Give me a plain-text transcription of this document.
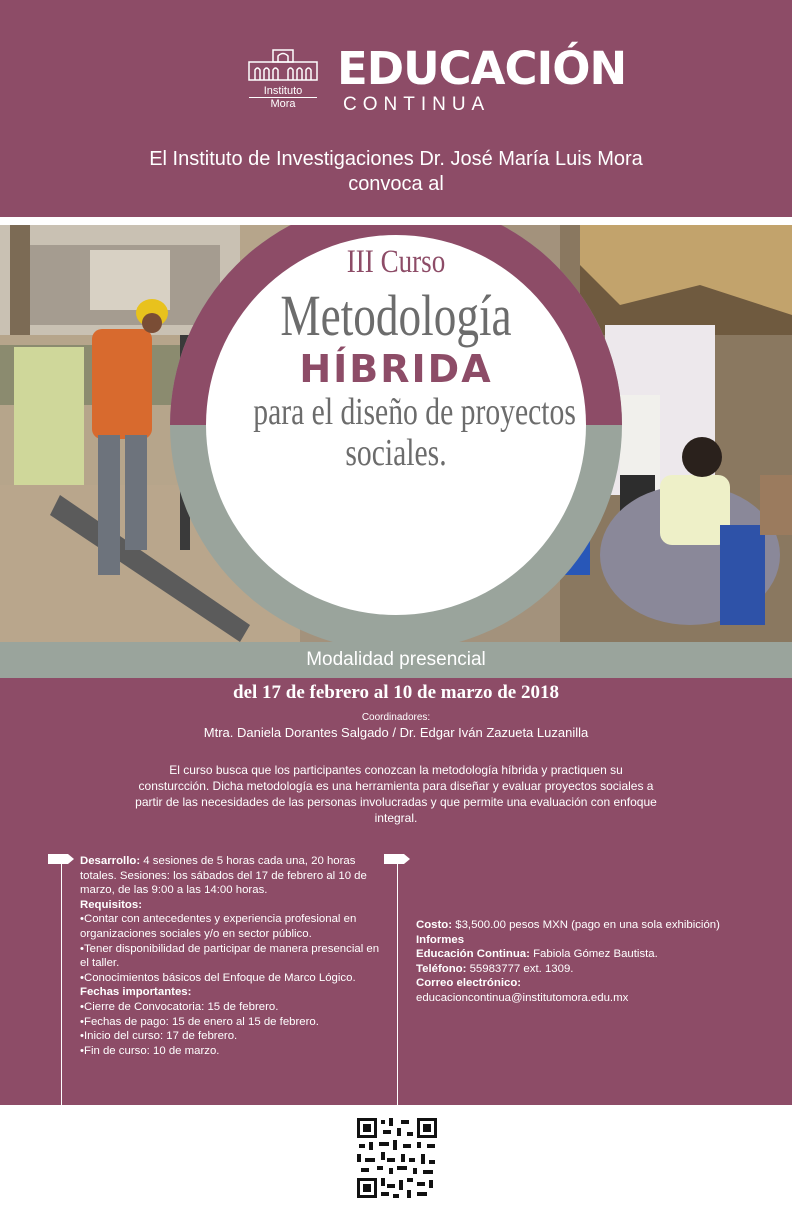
Instituto

Mora
EDUCACIÓN
CONTINUA
El Instituto de Investigaciones Dr. José María Luis Mora
convoca al
III Curso
Metodología
HÍBRIDA
para el diseño de proyectos
sociales.
Modalidad presencial
del 17 de febrero al 10 de marzo de 2018
Coordinadores:
Mtra. Daniela Dorantes Salgado / Dr. Edgar Iván Zazueta Luzanilla
El curso busca que los participantes conozcan la metodología híbrida y practiquen su consturcción. Dicha metodología es una herramienta para diseñar y evaluar proyectos sociales a partir de las necesidades de las personas involucradas y que permite una evaluación con enfoque integral.
Desarrollo: 4 sesiones de 5 horas cada una, 20 horas totales. Sesiones: los sábados del 17 de febrero al 10 de marzo, de las 9:00 a las 14:00 horas.
Requisitos:
•Contar con antecedentes y experiencia profesional en organizaciones sociales y/o en sector público.
•Tener disponibilidad de participar de manera presencial en el taller.
•Conocimientos básicos del Enfoque de Marco Lógico.
Fechas importantes:
•Cierre de Convocatoria: 15 de febrero.
•Fechas de pago: 15 de enero al 15 de febrero.
•Inicio del curso: 17 de febrero.
•Fin de curso: 10 de marzo.
Costo: $3,500.00 pesos MXN (pago en una sola exhibición)
Informes
Educación Continua: Fabiola Gómez Bautista.
Teléfono: 55983777 ext. 1309.
Correo electrónico:
educacioncontinua@institutomora.edu.mx
